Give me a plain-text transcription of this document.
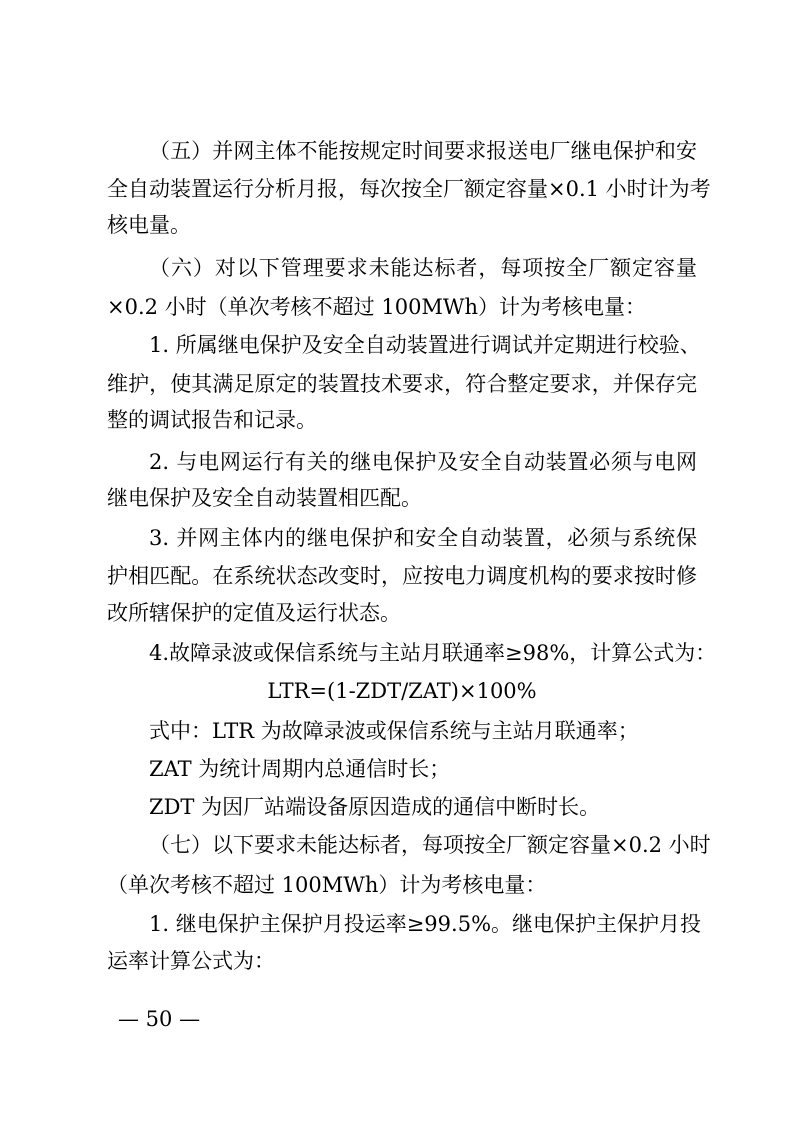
（五）并网主体不能按规定时间要求报送电厂继电保护和安
全自动装置运行分析月报，每次按全厂额定容量×0.1 小时计为考
核电量。
（六）对以下管理要求未能达标者，每项按全厂额定容量
×0.2 小时（单次考核不超过 100MWh）计为考核电量：
1. 所属继电保护及安全自动装置进行调试并定期进行校验、
维护，使其满足原定的装置技术要求，符合整定要求，并保存完
整的调试报告和记录。
2. 与电网运行有关的继电保护及安全自动装置必须与电网
继电保护及安全自动装置相匹配。
3. 并网主体内的继电保护和安全自动装置，必须与系统保
护相匹配。在系统状态改变时，应按电力调度机构的要求按时修
改所辖保护的定值及运行状态。
4.故障录波或保信系统与主站月联通率≥98%，计算公式为：
LTR=(1-ZDT/ZAT)×100%
式中：LTR 为故障录波或保信系统与主站月联通率；
ZAT 为统计周期内总通信时长；
ZDT 为因厂站端设备原因造成的通信中断时长。
（七）以下要求未能达标者，每项按全厂额定容量×0.2 小时
（单次考核不超过 100MWh）计为考核电量：
1. 继电保护主保护月投运率≥99.5%。继电保护主保护月投
运率计算公式为：
— 50 —
